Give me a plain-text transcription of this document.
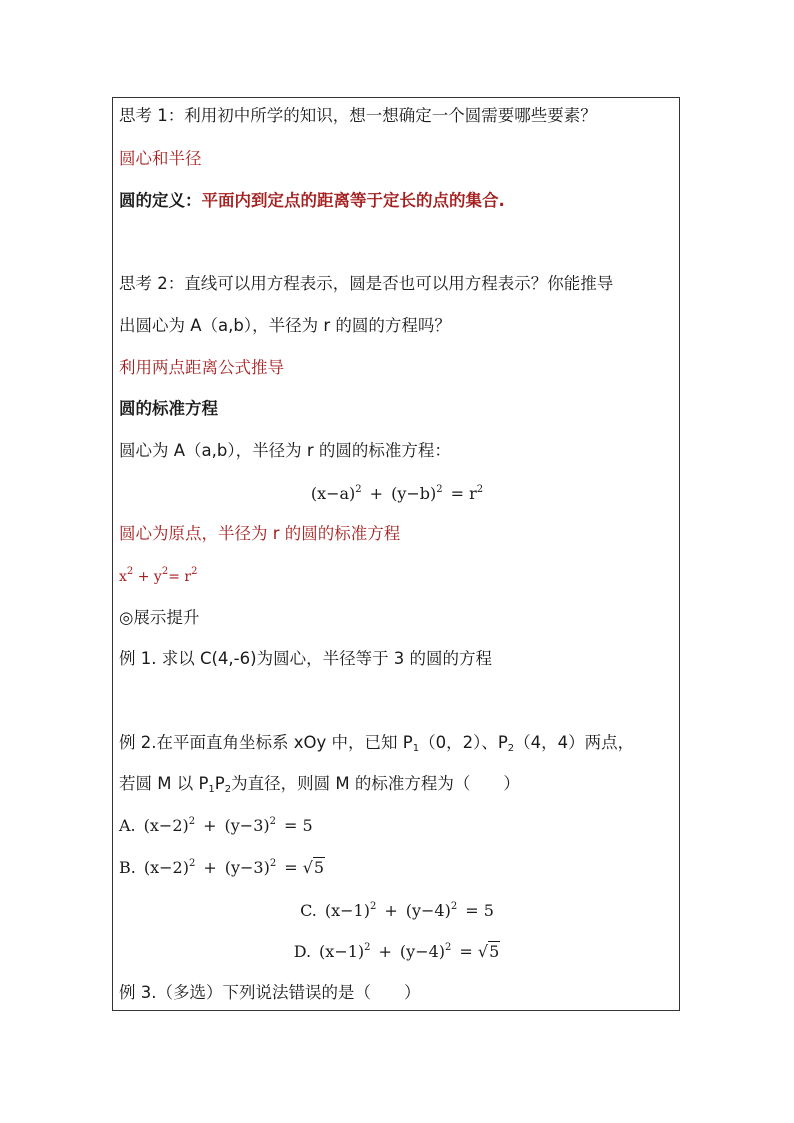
思考 1：利用初中所学的知识，想一想确定一个圆需要哪些要素？
圆心和半径
圆的定义：平面内到定点的距离等于定长的点的集合.
思考 2：直线可以用方程表示，圆是否也可以用方程表示？你能推导
出圆心为 A（a,b），半径为 r 的圆的方程吗？
利用两点距离公式推导
圆的标准方程
圆心为 A（a,b），半径为 r 的圆的标准方程：
$(x-a)^2 + (y-b)^2 = r^2$
圆心为原点，半径为 r 的圆的标准方程
$x^2 + y^2= r^2$
◎展示提升
例 1. 求以 C(4,-6)为圆心，半径等于 3 的圆的方程
例 2.在平面直角坐标系 xOy 中，已知 $P_1(0$，2）、$P_2(4$，4）两点，
若圆 M 以 $P_1P_2$为直径，则圆 M 的标准方程为（　　）
A. $(x-2)^2 + (y-3)^2 = 5$
B. $(x-2)^2 + (y-3)^2 = √5$
C. $(x-1)^2 + (y-4)^2 = 5$
D. $(x-1)^2 + (y-4)^2 = √5$
例 3.（多选）下列说法错误的是（　　）
